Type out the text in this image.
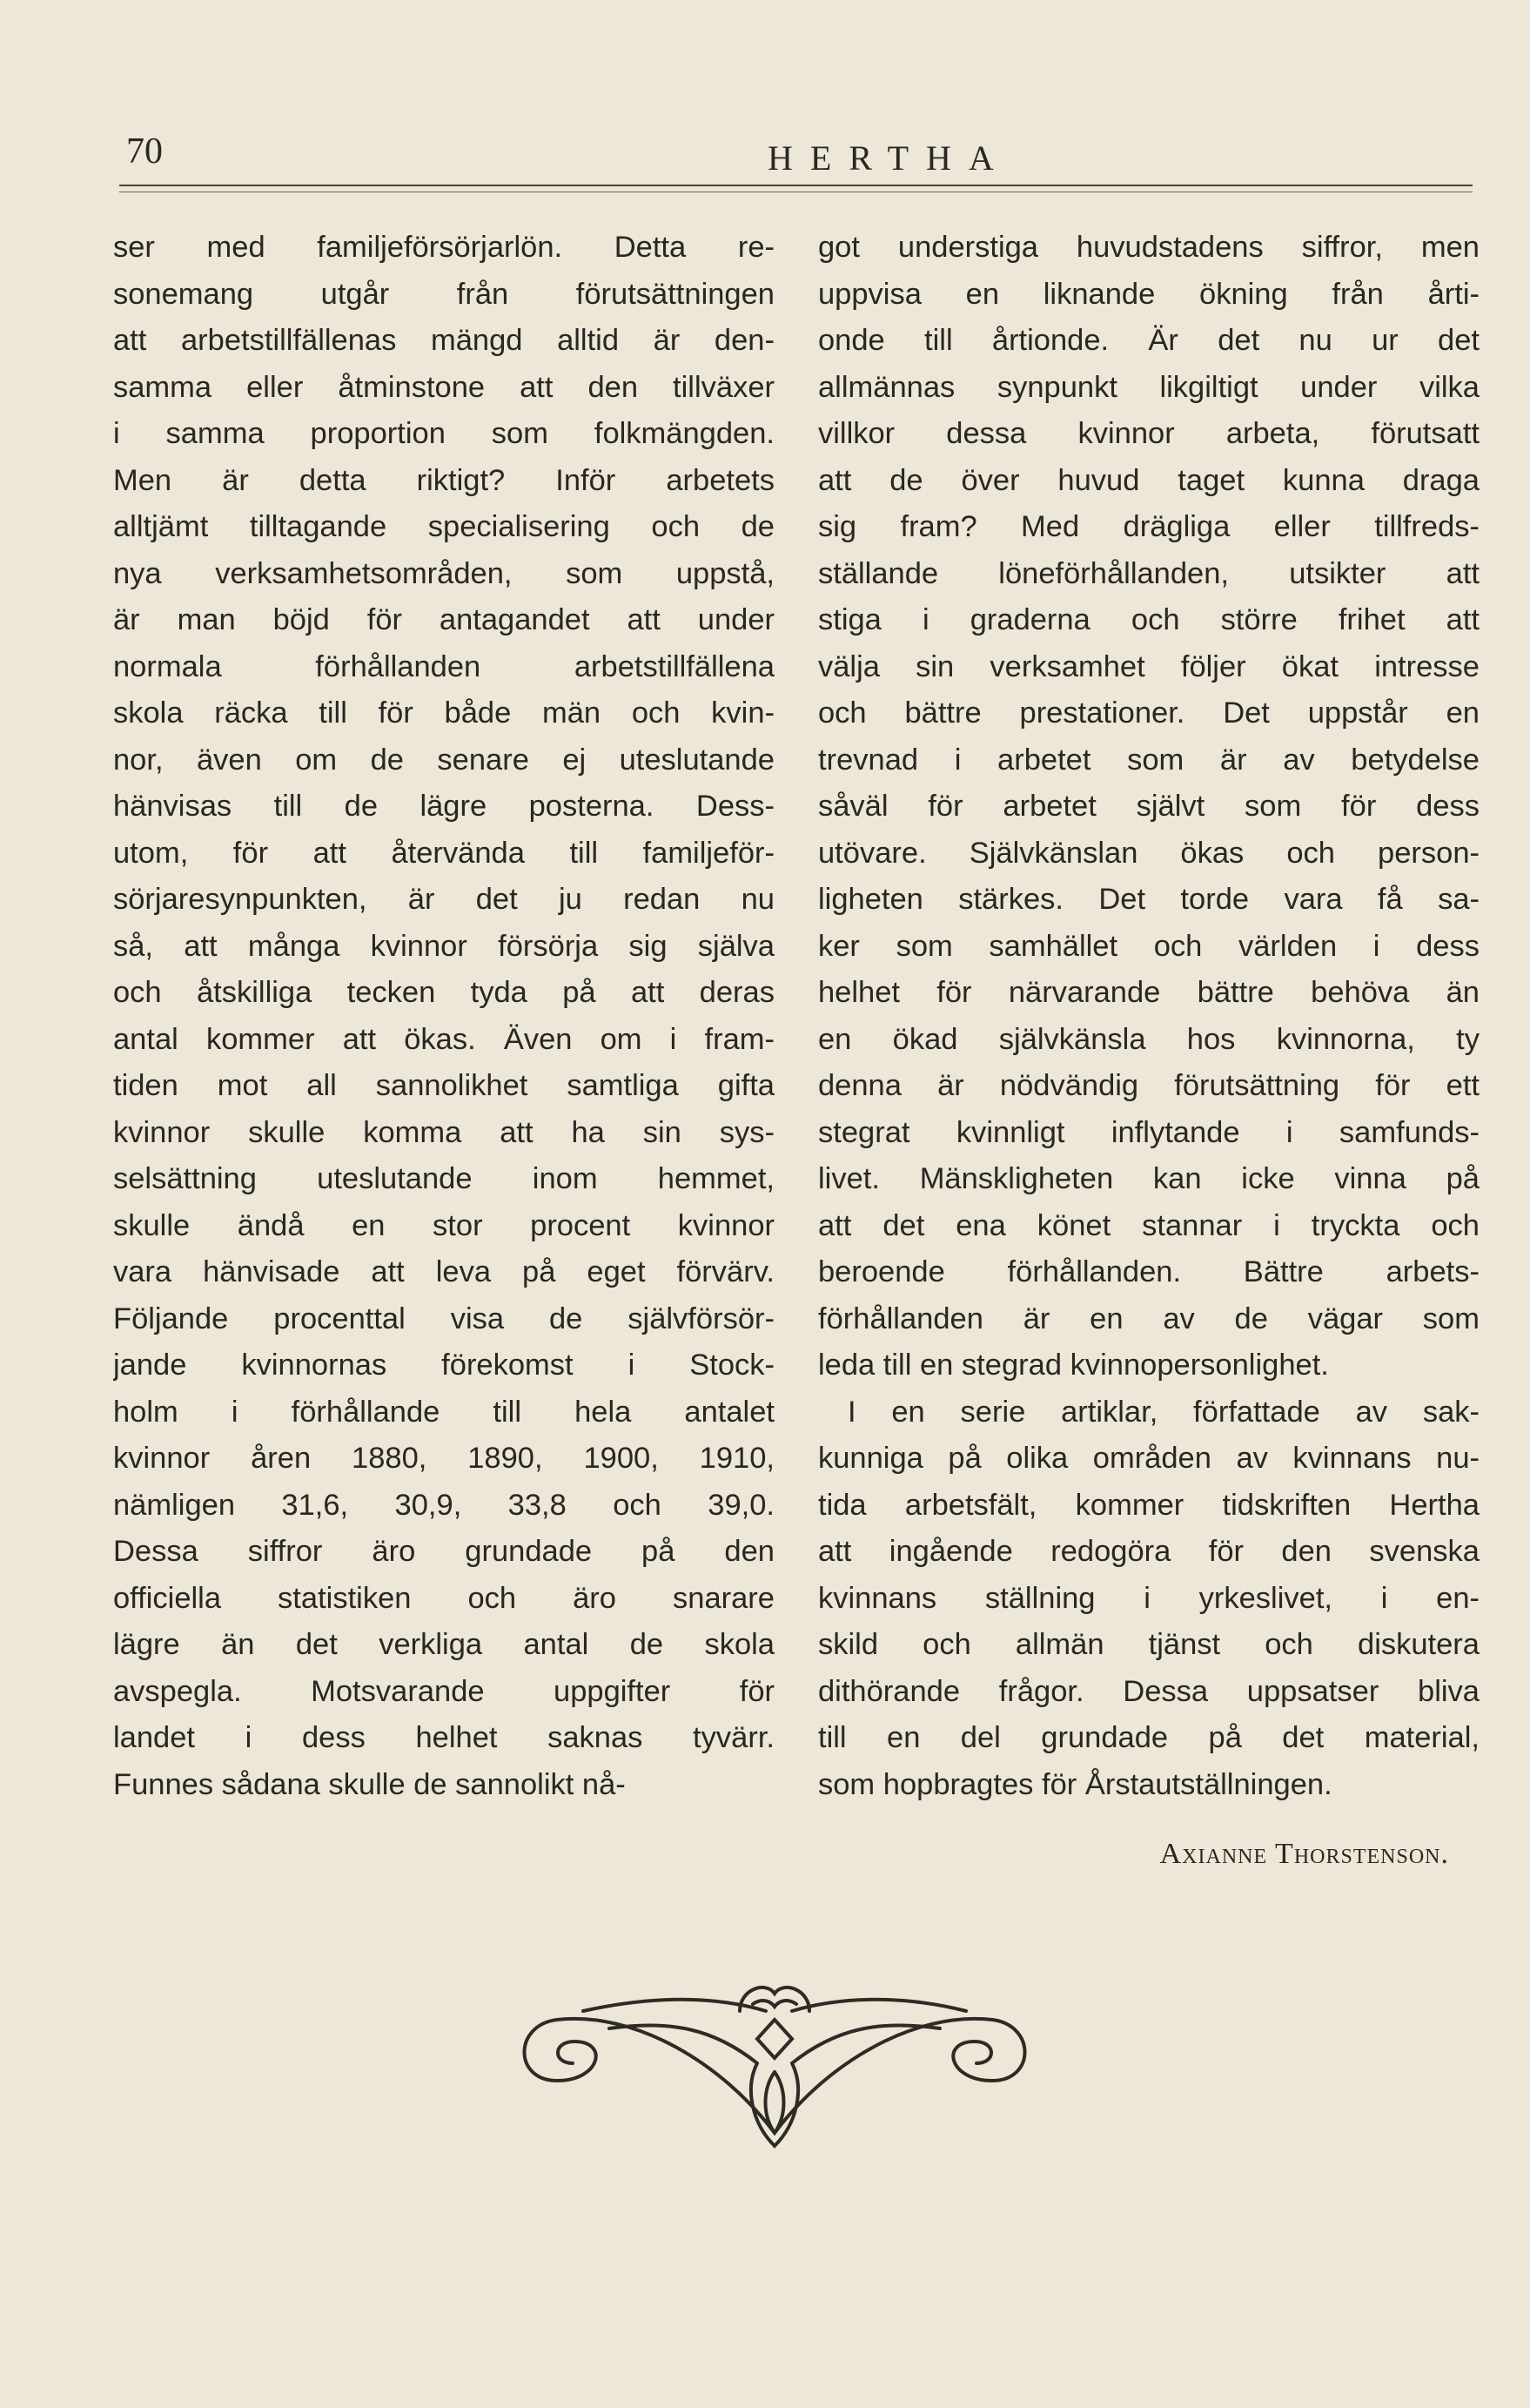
70	HERTHA
ser med familjeförsörjarlön. Detta re-
sonemang utgår från förutsättningen
att arbetstillfällenas mängd alltid är den-
samma eller åtminstone att den tillväxer
i samma proportion som folkmängden.
Men är detta riktigt? Inför arbetets
alltjämt tilltagande specialisering och de
nya verksamhetsområden, som uppstå,
är man böjd för antagandet att under
normala förhållanden arbetstillfällena
skola räcka till för både män och kvin-
nor, även om de senare ej uteslutande
hänvisas till de lägre posterna. Dess-
utom, för att återvända till familjeför-
sörjaresynpunkten, är det ju redan nu
så, att många kvinnor försörja sig själva
och åtskilliga tecken tyda på att deras
antal kommer att ökas. Även om i fram-
tiden mot all sannolikhet samtliga gifta
kvinnor skulle komma att ha sin sys-
selsättning uteslutande inom hemmet,
skulle ändå en stor procent kvinnor
vara hänvisade att leva på eget förvärv.
Följande procenttal visa de självförsör-
jande kvinnornas förekomst i Stock-
holm i förhållande till hela antalet
kvinnor åren 1880, 1890, 1900, 1910,
nämligen 31,6, 30,9, 33,8 och 39,0.
Dessa siffror äro grundade på den
officiella statistiken och äro snarare
lägre än det verkliga antal de skola
avspegla. Motsvarande uppgifter för
landet i dess helhet saknas tyvärr.
Funnes sådana skulle de sannolikt nå-
got understiga huvudstadens siffror, men
uppvisa en liknande ökning från årti-
onde till årtionde. Är det nu ur det
allmännas synpunkt likgiltigt under vilka
villkor dessa kvinnor arbeta, förutsatt
att de över huvud taget kunna draga
sig fram? Med drägliga eller tillfreds-
ställande löneförhållanden, utsikter att
stiga i graderna och större frihet att
välja sin verksamhet följer ökat intresse
och bättre prestationer. Det uppstår en
trevnad i arbetet som är av betydelse
såväl för arbetet självt som för dess
utövare. Självkänslan ökas och person-
ligheten stärkes. Det torde vara få sa-
ker som samhället och världen i dess
helhet för närvarande bättre behöva än
en ökad självkänsla hos kvinnorna, ty
denna är nödvändig förutsättning för ett
stegrat kvinnligt inflytande i samfunds-
livet. Mänskligheten kan icke vinna på
att det ena könet stannar i tryckta och
beroende förhållanden. Bättre arbets-
förhållanden är en av de vägar som
leda till en stegrad kvinnopersonlighet.
I en serie artiklar, författade av sak-
kunniga på olika områden av kvinnans nu-
tida arbetsfält, kommer tidskriften Hertha
att ingående redogöra för den svenska
kvinnans ställning i yrkeslivet, i en-
skild och allmän tjänst och diskutera
dithörande frågor. Dessa uppsatser bliva
till en del grundade på det material,
som hopbragtes för Årstautställningen.
Axianne Thorstenson.
